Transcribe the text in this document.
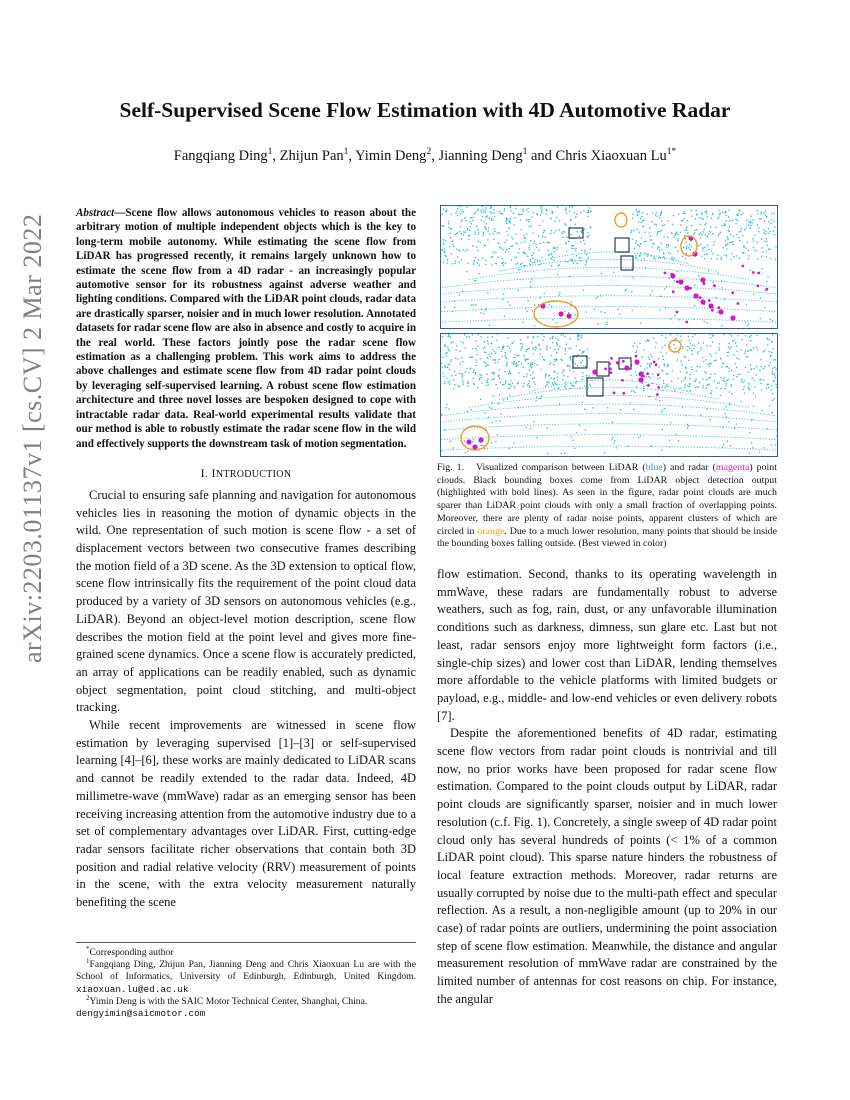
arXiv:2203.01137v1 [cs.CV] 2 Mar 2022
Self-Supervised Scene Flow Estimation with 4D Automotive Radar
Fangqiang Ding$^1$, Zhijun Pan$^1$, Yimin Deng$^2$, Jianning Deng$^1$ and Chris Xiaoxuan $Lu^{1*}$

Abstract—Scene flow allows autonomous vehicles to reason about the arbitrary motion of multiple independent objects which is the key to long-term mobile autonomy. While estimating the scene flow from LiDAR has progressed recently, it remains largely unknown how to estimate the scene flow from a 4D radar - an increasingly popular automotive sensor for its robustness against adverse weather and lighting conditions. Compared with the LiDAR point clouds, radar data are drastically sparser, noisier and in much lower resolution. Annotated datasets for radar scene flow are also in absence and costly to acquire in the real world. These factors jointly pose the radar scene flow estimation as a challenging problem. This work aims to address the above challenges and estimate scene flow from 4D radar point clouds by leveraging self-supervised learning. A robust scene flow estimation architecture and three novel losses are bespoken designed to cope with intractable radar data. Real-world experimental results validate that our method is able to robustly estimate the radar scene flow in the wild and effectively supports the downstream task of motion segmentation.

I. INTRODUCTION

Crucial to ensuring safe planning and navigation for autonomous vehicles lies in reasoning the motion of dynamic objects in the wild. One representation of such motion is scene flow - a set of displacement vectors between two consecutive frames describing the motion field of a 3D scene. As the 3D extension to optical flow, scene flow intrinsically fits the requirement of the point cloud data produced by a variety of 3D sensors on autonomous vehicles (e.g., LiDAR). Beyond an object-level motion description, scene flow describes the motion field at the point level and gives more fine-grained scene dynamics. Once a scene flow is accurately predicted, an array of applications can be readily enabled, such as dynamic object segmentation, point cloud stitching, and multi-object tracking.

While recent improvements are witnessed in scene flow estimation by leveraging supervised [1]–[3] or self-supervised learning [4]–[6], these works are mainly dedicated to LiDAR scans and cannot be readily extended to the radar data. Indeed, 4D millimetre-wave (mmWave) radar as an emerging sensor has been receiving increasing attention from the automotive industry due to a set of complementary advantages over LiDAR. First, cutting-edge radar sensors facilitate richer observations that contain both 3D position and radial relative velocity (RRV) measurement of points in the scene, with the extra velocity measurement naturally benefiting the scene

*Corresponding author

$^1$Fangqiang Ding, Zhijun Pan, Jianning Deng and Chris Xiaoxuan Lu are with the School of Informatics, University of Edinburgh, Edinburgh, United Kingdom. xiaoxuan.lu@ed.ac.uk

$^2$Yimin Deng is with the SAIC Motor Technical Center, Shanghai, China.
dengyimin@saicmotor.com

Fig. 1. Visualized comparison between LiDAR (blue) and radar (magenta) point clouds. Black bounding boxes come from LiDAR object detection output (highlighted with bold lines). As seen in the figure, radar point clouds are much sparer than LiDAR point clouds with only a small fraction of overlapping points. Moreover, there are plenty of radar noise points, apparent clusters of which are circled in orange. Due to a much lower resolution, many points that should be inside the bounding boxes falling outside. (Best viewed in color)

flow estimation. Second, thanks to its operating wavelength in mmWave, these radars are fundamentally robust to adverse weathers, such as fog, rain, dust, or any unfavorable illumination conditions such as darkness, dimness, sun glare etc. Last but not least, radar sensors enjoy more lightweight form factors (i.e., single-chip sizes) and lower cost than LiDAR, lending themselves more affordable to the vehicle platforms with limited budgets or payload, e.g., middle- and low-end vehicles or even delivery robots [7].

Despite the aforementioned benefits of 4D radar, estimating scene flow vectors from radar point clouds is nontrivial and till now, no prior works have been proposed for radar scene flow estimation. Compared to the point clouds output by LiDAR, radar point clouds are significantly sparser, noisier and in much lower resolution (c.f. Fig. 1). Concretely, a single sweep of 4D radar point cloud only has several hundreds of points (< 1% of a common LiDAR point cloud). This sparse nature hinders the robustness of local feature extraction methods. Moreover, radar returns are usually corrupted by noise due to the multi-path effect and specular reflection. As a result, a non-negligible amount (up to 20% in our case) of radar points are outliers, undermining the point association step of scene flow estimation. Meanwhile, the distance and angular measurement resolution of mmWave radar are constrained by the limited number of antennas for cost reasons on chip. For instance, the angular
